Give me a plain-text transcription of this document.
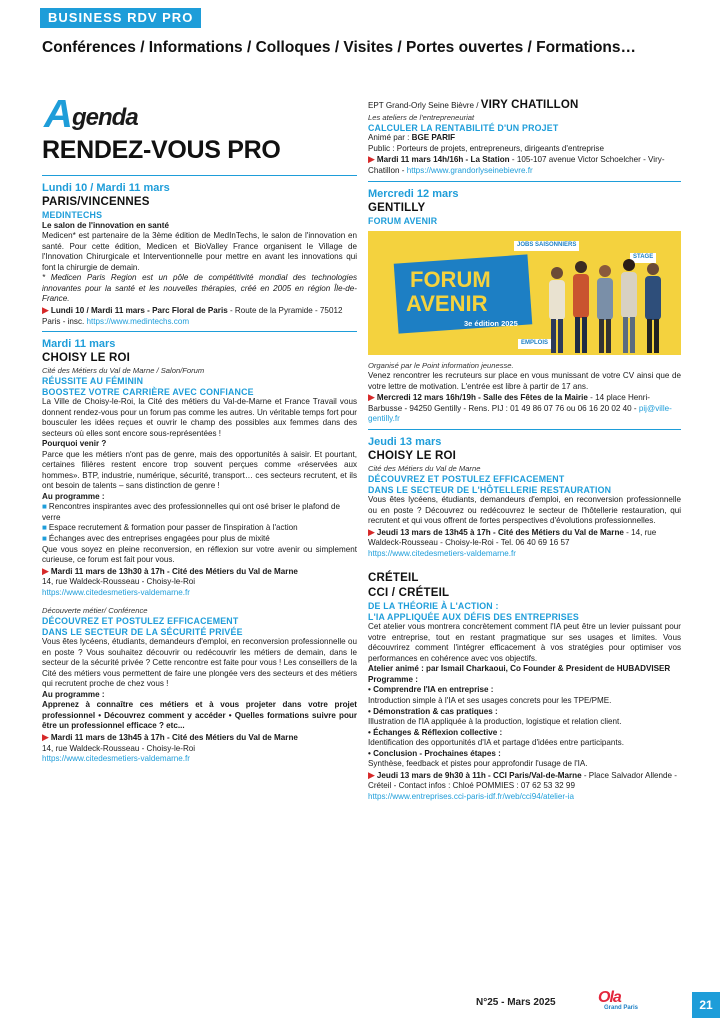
BUSINESS RDV PRO
Conférences / Informations / Colloques / Visites / Portes ouvertes / Formations…
A genda
RENDEZ-VOUS PRO
Lundi 10 / Mardi 11 mars
PARIS/VINCENNES
MEDINTECHS
Le salon de l'innovation en santé
Medicen* est partenaire de la 3ème édition de MedInTechs, le salon de l'innovation en santé. Pour cette édition, Medicen et BioValley France organisent le Village de l'Innovation Chirurgicale et Interventionnelle pour mettre en avant les innovations qui font la chirurgie de demain.
* Medicen Paris Region est un pôle de compétitivité mondial des technologies innovantes pour la santé et les nouvelles thérapies, créé en 2005 en région Île-de-France.
▶ Lundi 10 / Mardi 11 mars - Parc Floral de Paris - Route de la Pyramide - 75012 Paris - insc. https://www.medintechs.com
Mardi 11 mars
CHOISY LE ROI
Cité des Métiers du Val de Marne / Salon/Forum
RÉUSSITE AU FÉMININ
BOOSTEZ VOTRE CARRIÈRE AVEC CONFIANCE
La Ville de Choisy-le-Roi, la Cité des métiers du Val-de-Marne et France Travail vous donnent rendez-vous pour un forum pas comme les autres. Un véritable temps fort pour bousculer les idées reçues et ouvrir le champ des possibles aux femmes dans des secteurs où elles sont encore sous-représentées !
Pourquoi venir ?
Parce que les métiers n'ont pas de genre, mais des opportunités à saisir. Et pourtant, certaines filières restent encore trop souvent perçues comme «réservées aux hommes». BTP, industrie, numérique, sécurité, transport… ces secteurs recrutent, et ils ont besoin de talents – sans distinction de genre !
Au programme :
■ Rencontres inspirantes avec des professionnelles qui ont osé briser le plafond de verre
■ Espace recrutement & formation pour passer de l'inspiration à l'action
■ Échanges avec des entreprises engagées pour plus de mixité
Que vous soyez en pleine reconversion, en réflexion sur votre avenir ou simplement curieuse, ce forum est fait pour vous.
▶ Mardi 11 mars de 13h30 à 17h - Cité des Métiers du Val de Marne
14, rue Waldeck-Rousseau - Choisy-le-Roi
https://www.citedesmetiers-valdemarne.fr
Découverte métier/ Conférence
DÉCOUVREZ ET POSTULEZ EFFICACEMENT
DANS LE SECTEUR DE LA SÉCURITÉ PRIVÉE
Vous êtes lycéens, étudiants, demandeurs d'emploi, en reconversion professionnelle ou en poste ? Vous souhaitez découvrir ou redécouvrir les métiers de demain, dans le secteur de la sécurité privée ? Cette rencontre est faite pour vous ! Les conseillers de la Cité des métiers vous permettent de faire une plongée vers des secteurs et des métiers qui recrutent proche de chez vous !
Au programme :
Apprenez à connaître ces métiers et à vous projeter dans votre projet professionnel • Découvrez comment y accéder • Quelles formations suivre pour être un professionnel efficace ? etc...
▶ Mardi 11 mars de 13h45 à 17h - Cité des Métiers du Val de Marne
14, rue Waldeck-Rousseau - Choisy-le-Roi
https://www.citedesmetiers-valdemarne.fr
EPT Grand-Orly Seine Bièvre / VIRY CHATILLON
Les ateliers de l'entrepreneuriat
CALCULER LA RENTABILITÉ D'UN PROJET
Animé par : BGE PARIF
Public : Porteurs de projets, entrepreneurs, dirigeants d'entreprise
▶ Mardi 11 mars 14h/16h - La Station - 105-107 avenue Victor Schoelcher - Viry-Chatillon - https://www.grandorlyseinebievre.fr
Mercredi 12 mars
GENTILLY
FORUM AVENIR
FORUM
AVENIR
3e édition 2025
JOBS SAISONNIERS
STAGE
EMPLOIS
Organisé par le Point information jeunesse.
Venez rencontrer les recruteurs sur place en vous munissant de votre CV ainsi que de votre lettre de motivation. L'entrée est libre à partir de 17 ans.
▶ Mercredi 12 mars 16h/19h - Salle des Fêtes de la Mairie - 14 place Henri-Barbusse - 94250 Gentilly - Rens. PIJ : 01 49 86 07 76 ou 06 16 20 02 40 - pij@ville-gentilly.fr
Jeudi 13 mars
CHOISY LE ROI
Cité des Métiers du Val de Marne
DÉCOUVREZ ET POSTULEZ EFFICACEMENT
DANS LE SECTEUR DE L'HÔTELLERIE RESTAURATION
Vous êtes lycéens, étudiants, demandeurs d'emploi, en reconversion professionnelle ou en poste ? Découvrez ou redécouvrez le secteur de l'hôtellerie restauration, qui recrutent et qui vous offrent de fortes perspectives d'évolutions professionnelles.
▶ Jeudi 13 mars de 13h45 à 17h - Cité des Métiers du Val de Marne - 14, rue Waldeck-Rousseau - Choisy-le-Roi - Tel. 06 40 69 16 57
https://www.citedesmetiers-valdemarne.fr
CRÉTEIL
CCI / CRÉTEIL
DE LA THÉORIE À L'ACTION :
L'IA APPLIQUÉE AUX DÉFIS DES ENTREPRISES
Cet atelier vous montrera concrètement comment l'IA peut être un levier puissant pour votre entreprise, tout en restant pragmatique sur ses usages et limites. Vous découvrirez comment l'intégrer efficacement à vos stratégies pour optimiser vos performances en cohérence avec vos objectifs.
Atelier animé : par Ismail Charkaoui, Co Founder & President de HUBADVISER
Programme :
• Comprendre l'IA en entreprise :
Introduction simple à l'IA et ses usages concrets pour les TPE/PME.
• Démonstration & cas pratiques :
Illustration de l'IA appliquée à la production, logistique et relation client.
• Échanges & Réflexion collective :
Identification des opportunités d'IA et partage d'idées entre participants.
• Conclusion - Prochaines étapes :
Synthèse, feedback et pistes pour approfondir l'usage de l'IA.
▶ Jeudi 13 mars de 9h30 à 11h - CCI Paris/Val-de-Marne - Place Salvador Allende - Créteil - Contact infos : Chloé POMMIES : 07 62 53 32 99
https://www.entreprises.cci-paris-idf.fr/web/cci94/atelier-ia
N°25 - Mars 2025	Ola
Grand Paris	21
